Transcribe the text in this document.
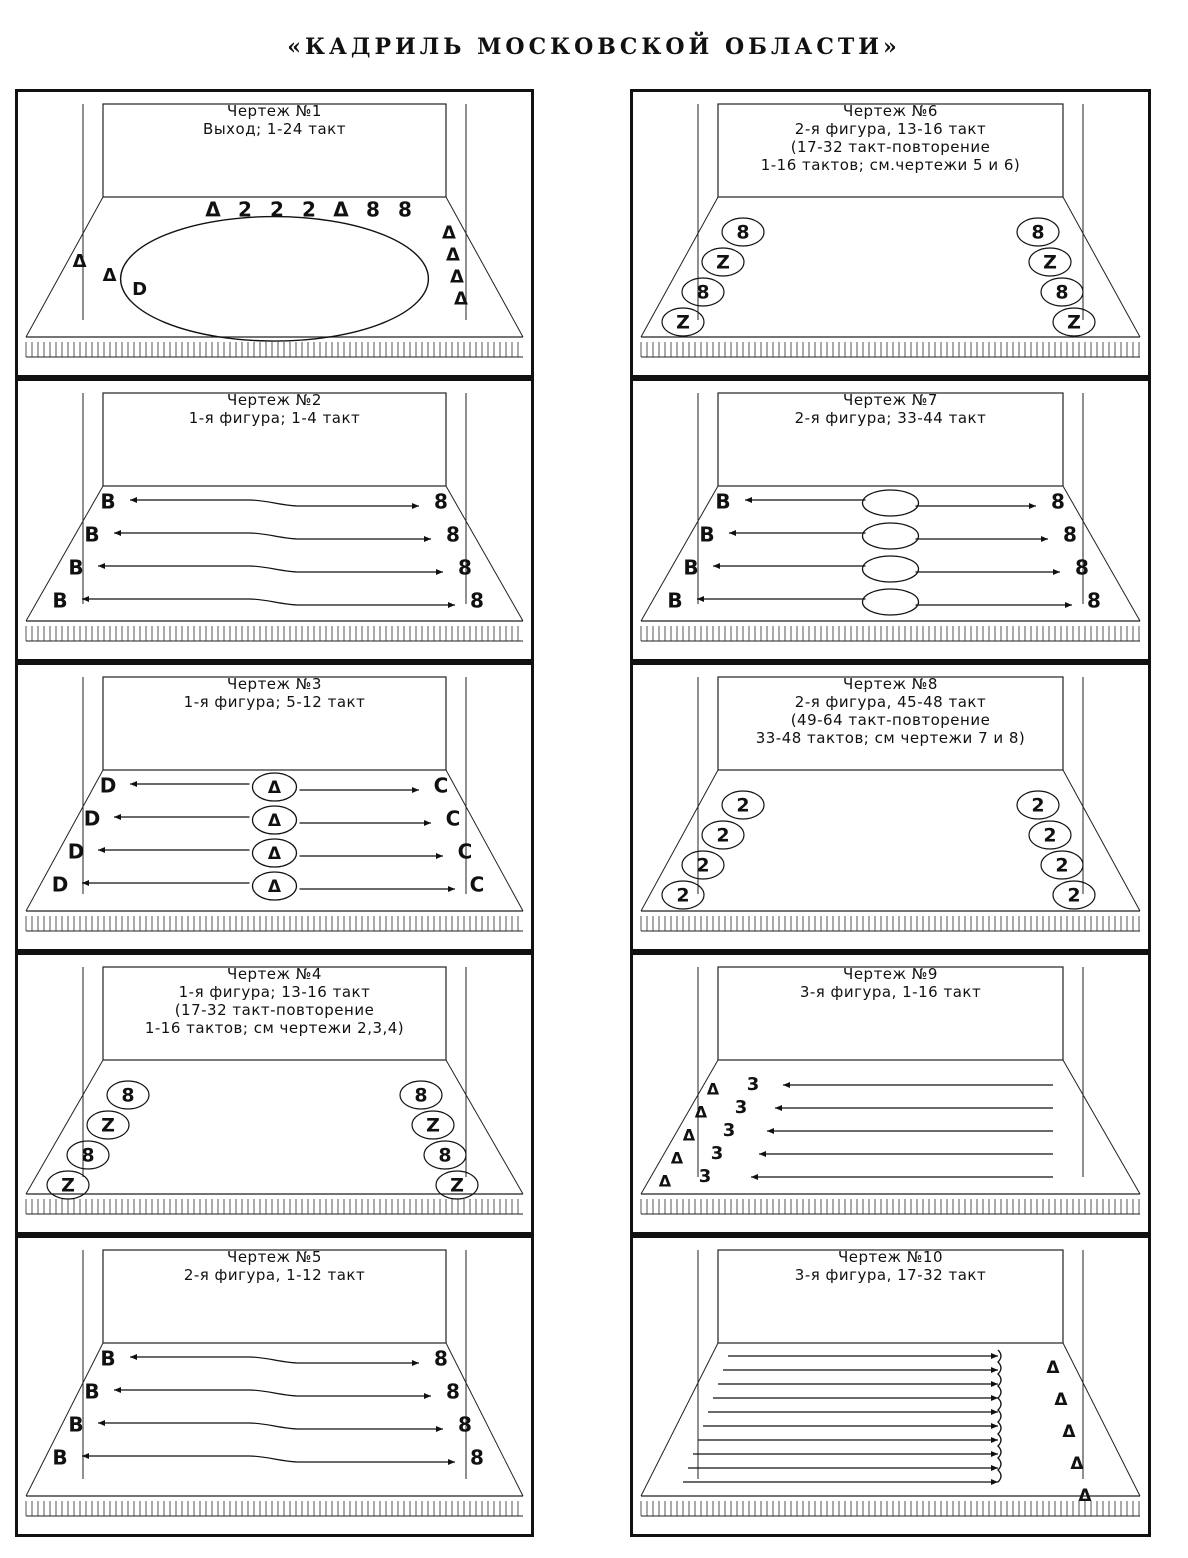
«КАДРИЛЬ МОСКОВСКОЙ ОБЛАСТИ»
Δ 2 2 2 Δ 8 8
Δ
Δ
Δ
Δ
Δ
Δ
D
Чертеж №1
Выход; 1-24 такт
B	8
B	8
B	8
B	8
Чертеж №2
1-я фигура; 1-4 такт
D	C
Δ
D	C
Δ
D	C
Δ
D	C
Δ
Чертеж №3
1-я фигура; 5-12 такт
8	8
Z	Z
8	8
Z	Z
Чертеж №4
1-я фигура; 13-16 такт
(17-32 такт-повторение
1-16 тактов; см чертежи 2,3,4)
B	8
B	8
B	8
B	8
Чертеж №5
2-я фигура, 1-12 такт
8	8
Z	Z
8	8
Z	Z
Чертеж №6
2-я фигура, 13-16 такт
(17-32 такт-повторение
1-16 тактов; см.чертежи 5 и 6)
B	8
B	8
B	8
B	8
Чертеж №7
2-я фигура; 33-44 такт
2	2
2	2
2	2
2	2
Чертеж №8
2-я фигура, 45-48 такт
(49-64 такт-повторение
33-48 тактов; см чертежи 7 и 8)
3
Δ
3
Δ
3
Δ
3
Δ
3
Δ
Чертеж №9
3-я фигура, 1-16 такт
Δ
Δ
Δ
Δ
Δ
Чертеж №10
3-я фигура, 17-32 такт
